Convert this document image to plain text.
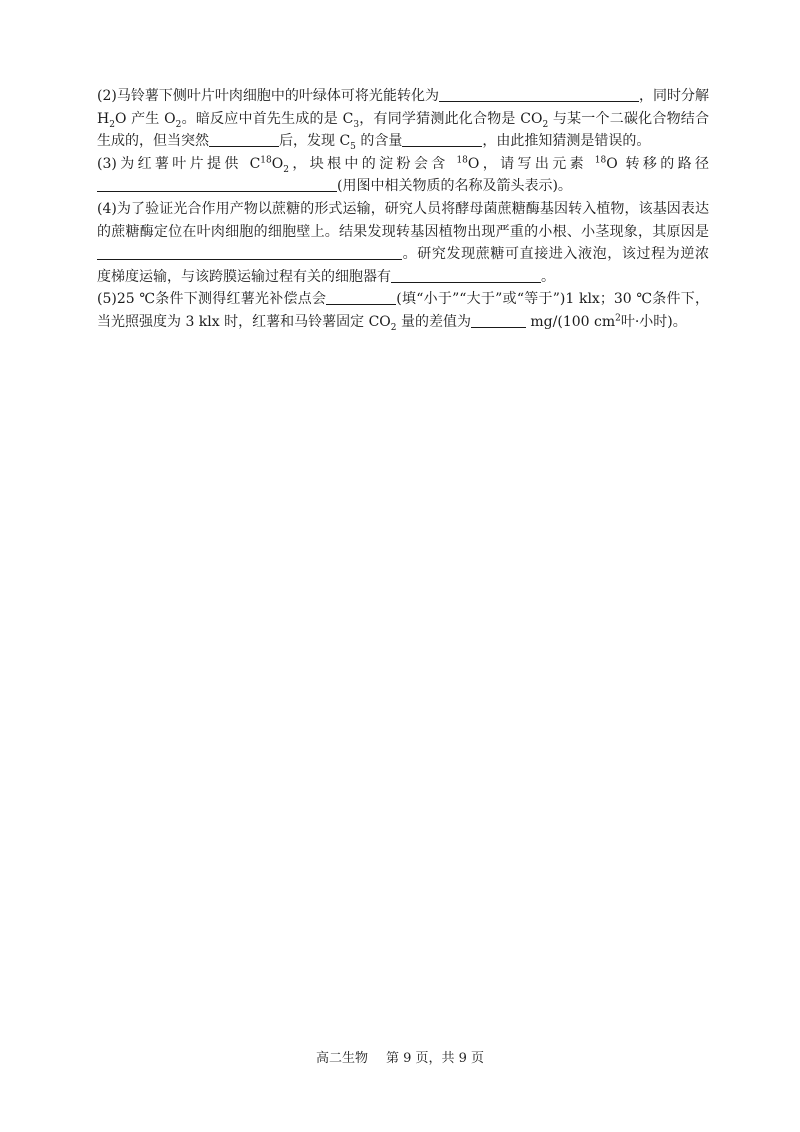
(2)马铃薯下侧叶片叶肉细胞中的叶绿体可将光能转化为	，同时分解 $H_2O$ 产生 $O_2$。暗反应中首先生成的是 $C_3$，有同学猜测此化合物是 $CO_2$ 与某一个二碳化合物结合生成的，但当突然	后，发现 $C_5$ 的含量	，由此推知猜测是错误的。

(3)为红薯叶片提供 $C^{18}O_2$，块根中的淀粉会含 $^{18}$O，请写出元素 $^{18}$O 转移的路径(用图中相关物质的名称及箭头表示)。

(4)为了验证光合作用产物以蔗糖的形式运输，研究人员将酵母菌蔗糖酶基因转入植物，该基因表达的蔗糖酶定位在叶肉细胞的细胞壁上。结果发现转基因植物出现严重的小根、小茎现象，其原因是。研究发现蔗糖可直接进入液泡，该过程为逆浓度梯度运输，与该跨膜运输过程有关的细胞器有	。

(5)25 ℃条件下测得红薯光补偿点会	(填“小于”“大于”或“等于”)1 klx；30 ℃条件下，当光照强度为 3 klx 时，红薯和马铃薯固定 $CO_2$ 量的差值为	mg/(100 $cm^2$叶·小时)。

高二生物 第 9 页，共 9 页
